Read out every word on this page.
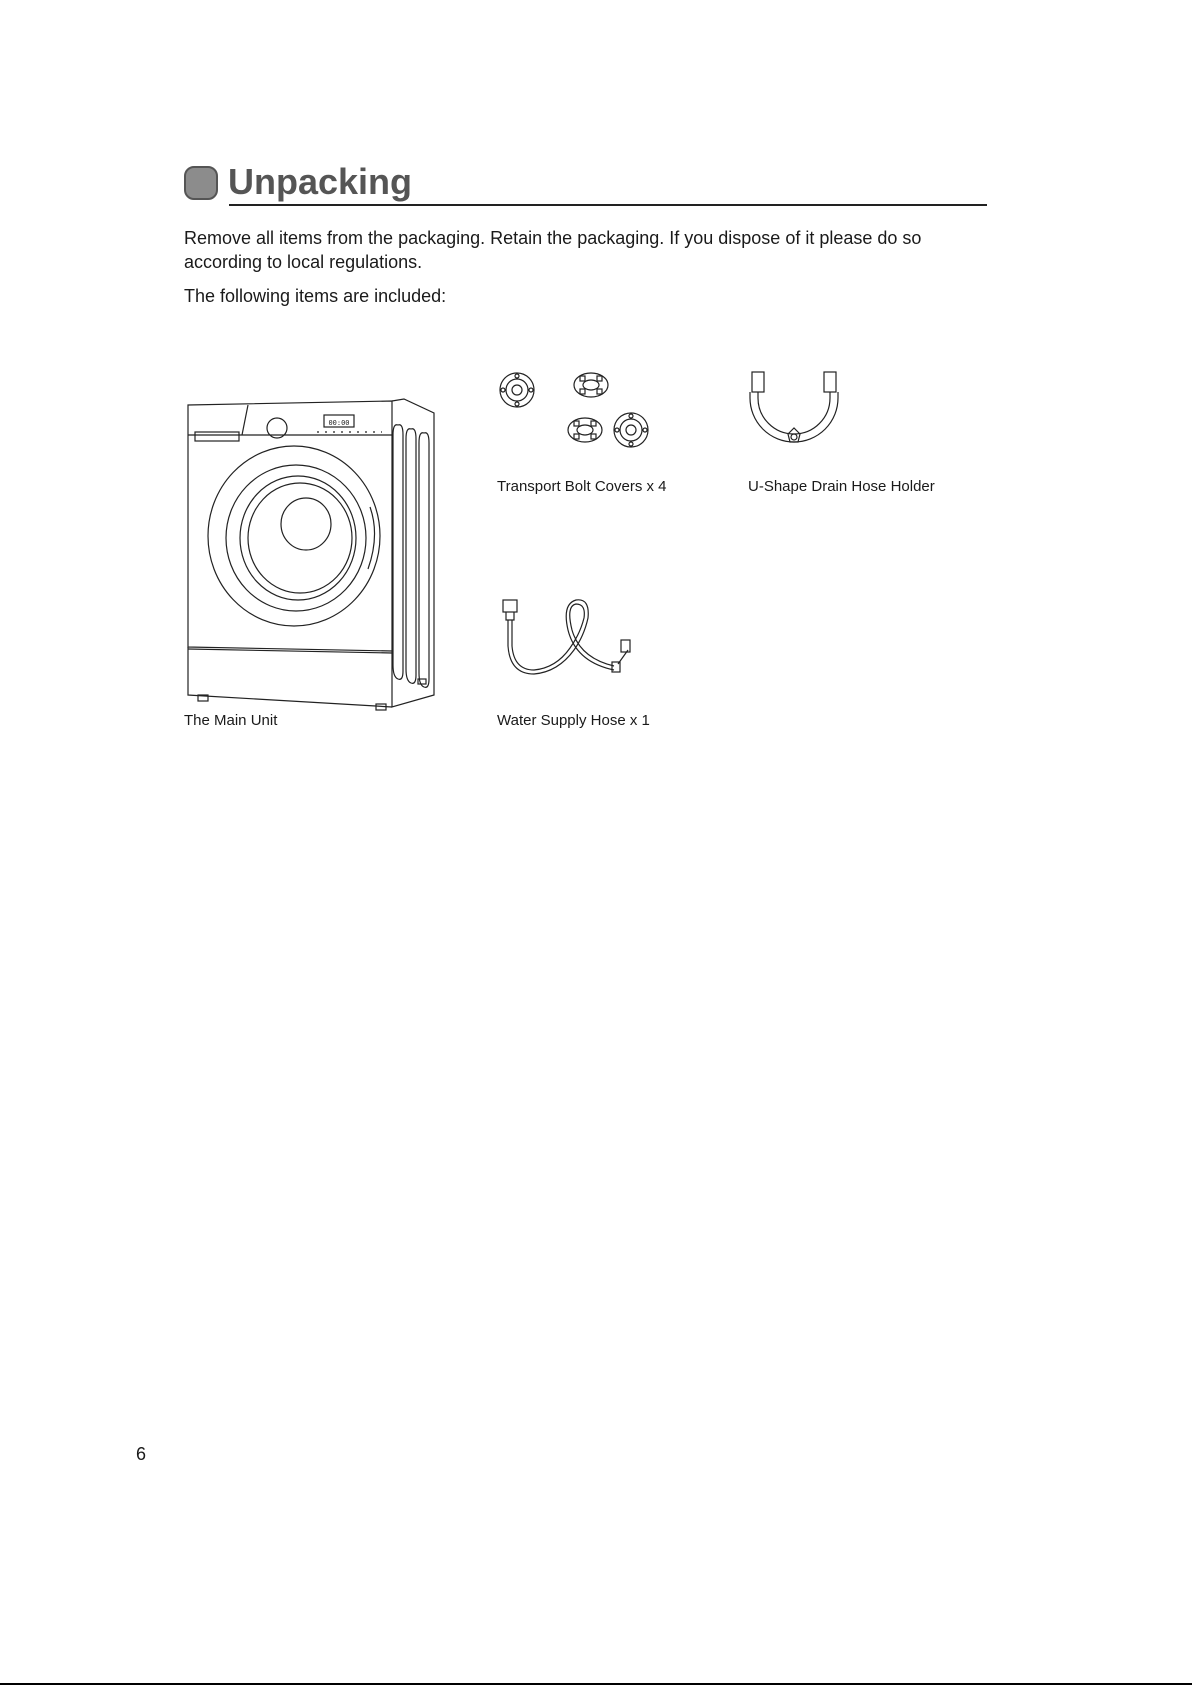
Unpacking

Remove all items from the packaging. Retain the packaging. If you dispose of it please do so according to local regulations.

The following items are included:

00:00
The Main Unit
Transport Bolt Covers x 4	U-Shape Drain Hose Holder
Water Supply Hose x 1
6
